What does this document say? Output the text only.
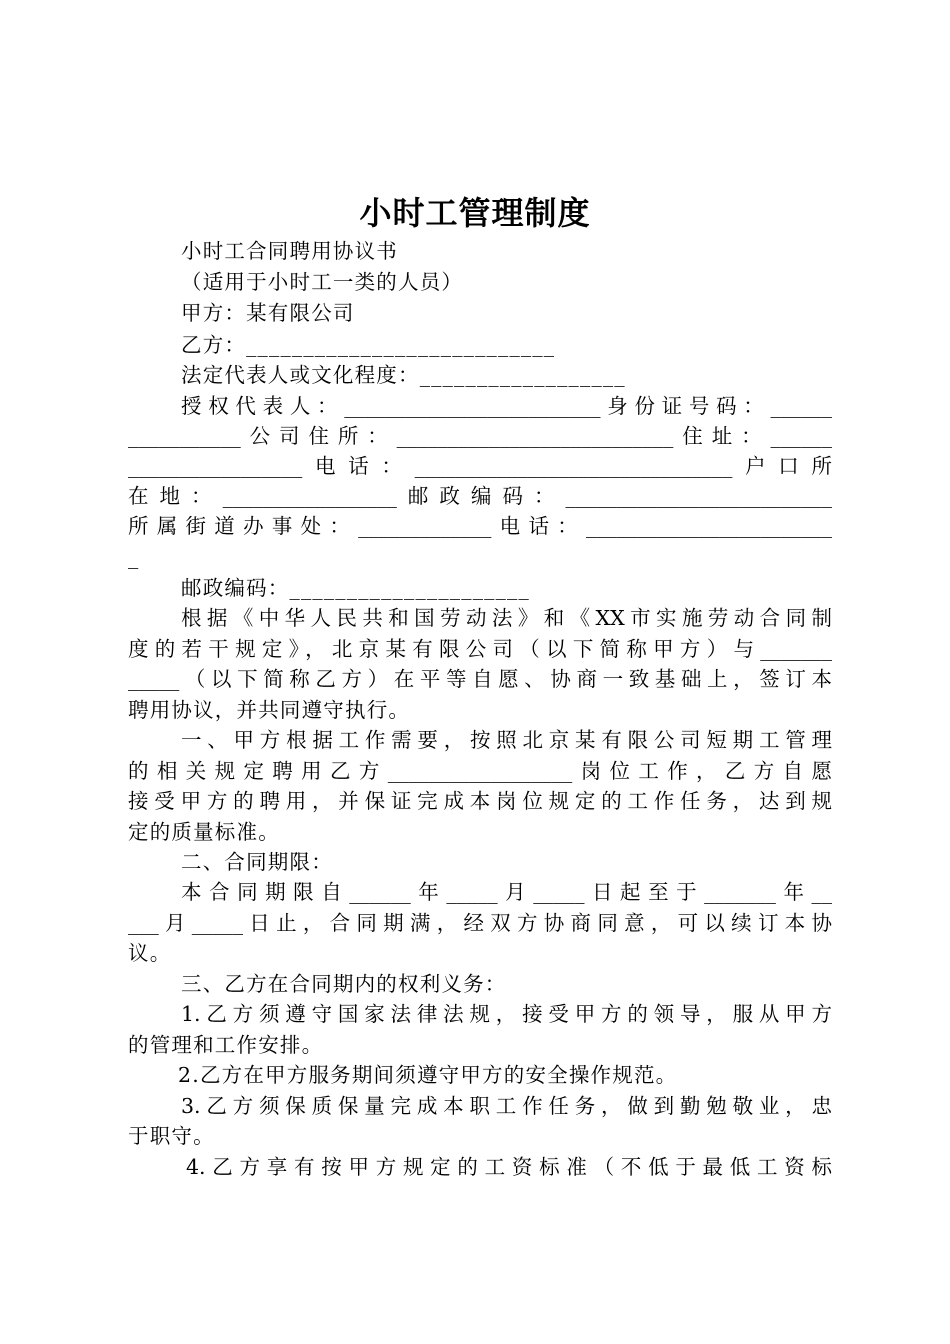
小时工管理制度
小时工合同聘用协议书
（适用于小时工一类的人员）
甲方：某有限公司
乙方：___________________________
法定代表人或文化程度：__________________
授权代表人：_________________________身份证号码：______
___________公司住所：___________________________住址：______
_________________电话：_______________________________户口所
在地：_________________邮政编码：__________________________
所属街道办事处：_____________电话：________________________
_
邮政编码：_____________________
根据《中华人民共和国劳动法》和《XX市实施劳动合同制
度的若干规定》，北京某有限公司（以下简称甲方）与_______
_____（以下简称乙方）在平等自愿、协商一致基础上，签订本
聘用协议，并共同遵守执行。
一、甲方根据工作需要，按照北京某有限公司短期工管理
的相关规定聘用乙方__________________岗位工作，乙方自愿
接受甲方的聘用，并保证完成本岗位规定的工作任务，达到规
定的质量标准。
二、合同期限：
本合同期限自______年_____月_____日起至于_______年__
___月_____日止，合同期满，经双方协商同意，可以续订本协
议。
三、乙方在合同期内的权利义务：
1.乙方须遵守国家法律法规，接受甲方的领导，服从甲方
的管理和工作安排。
2.乙方在甲方服务期间须遵守甲方的安全操作规范。
3.乙方须保质保量完成本职工作任务，做到勤勉敬业，忠
于职守。
4.乙方享有按甲方规定的工资标准（不低于最低工资标
